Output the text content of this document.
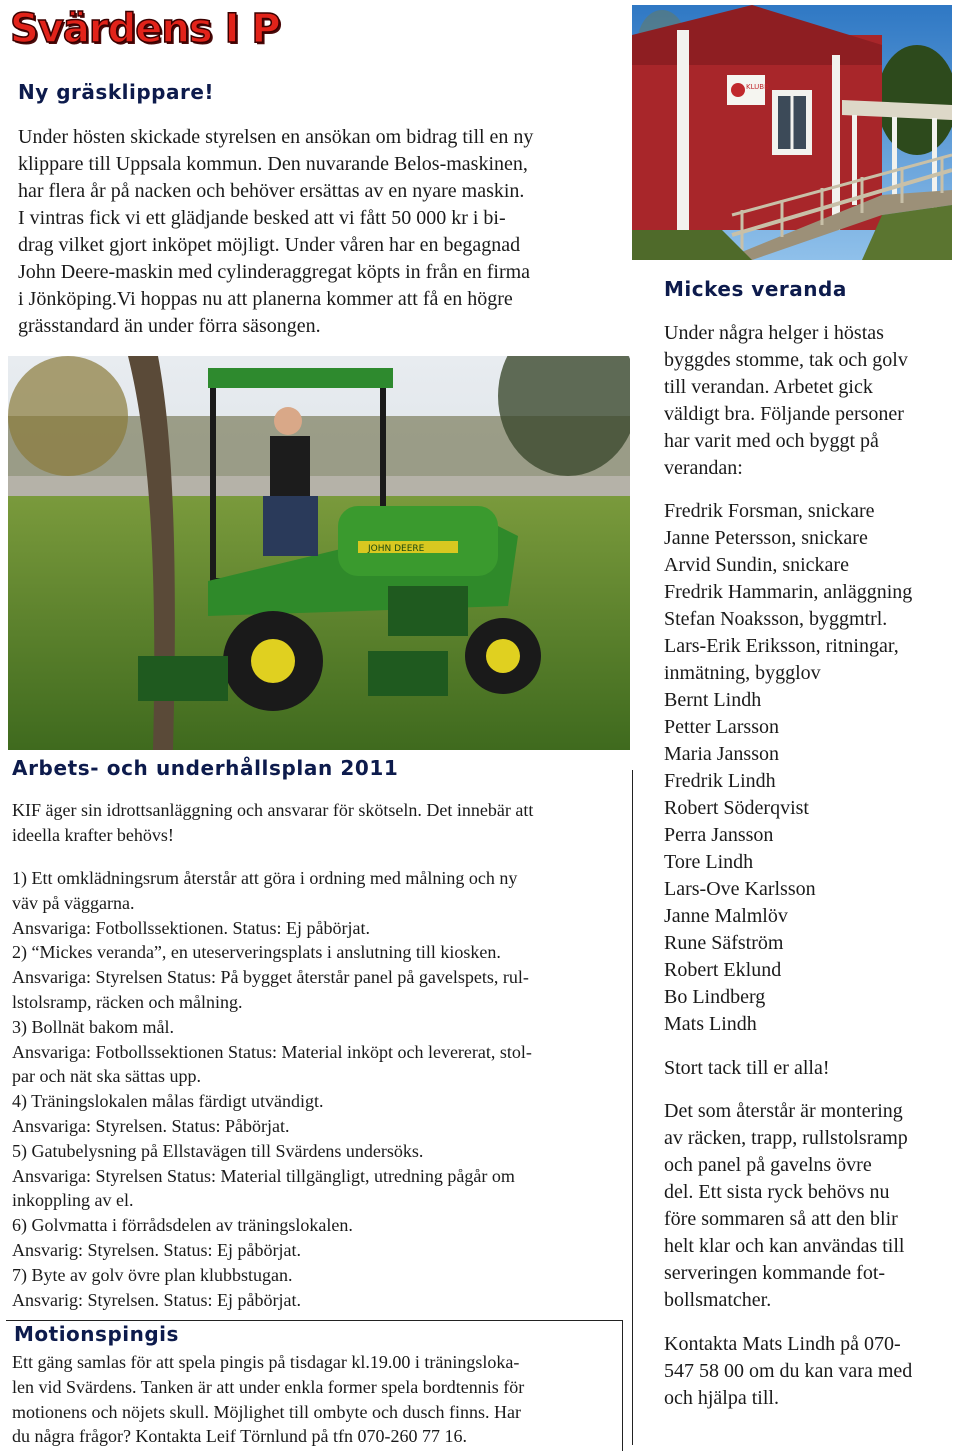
Svärdens I P
Ny gräsklippare!
Under hösten skickade styrelsen en ansökan om bidrag till en ny
klippare till Uppsala kommun. Den nuvarande Belos-maskinen,
har flera år på nacken och behöver ersättas av en nyare maskin.
I vintras fick vi ett glädjande besked att vi fått 50 000 kr i bi-
drag vilket gjort inköpet möjligt. Under våren har en begagnad
John Deere-maskin med cylinderaggregat köpts in från en firma
i Jönköping.Vi hoppas nu att planerna kommer att få en högre
grässtandard än under förra säsongen.
KLUBB
JOHN DEERE
Mickes veranda
Under några helger i höstas
byggdes stomme, tak och golv
till verandan. Arbetet gick
väldigt bra. Följande personer
har varit med och byggt på
verandan:
Fredrik Forsman, snickare
Janne Petersson, snickare
Arvid Sundin, snickare
Fredrik Hammarin, anläggning
Stefan Noaksson, byggmtrl.
Lars-Erik Eriksson, ritningar,
inmätning, bygglov
Bernt Lindh
Petter Larsson
Maria Jansson
Fredrik Lindh
Robert Söderqvist
Perra Jansson
Tore Lindh
Lars-Ove Karlsson
Janne Malmlöv
Rune Säfström
Robert Eklund
Bo Lindberg
Mats Lindh
Stort tack till er alla!
Det som återstår är montering
av räcken, trapp, rullstolsramp
och panel på gavelns övre
del. Ett sista ryck behövs nu
före sommaren så att den blir
helt klar och kan användas till
serveringen kommande fot-
bollsmatcher.
Kontakta Mats Lindh på 070-
547 58 00 om du kan vara med
och hjälpa till.
Arbets- och underhållsplan 2011
KIF äger sin idrottsanläggning och ansvarar för skötseln. Det innebär att
ideella krafter behövs!
1) Ett omklädningsrum återstår att göra i ordning med målning och ny
väv på väggarna.
Ansvariga: Fotbollssektionen. Status: Ej påbörjat.
2) “Mickes veranda”, en uteserveringsplats i anslutning till kiosken.
Ansvariga: Styrelsen Status: På bygget återstår panel på gavelspets, rul-
lstolsramp, räcken och målning.
3) Bollnät bakom mål.
Ansvariga: Fotbollssektionen Status: Material inköpt och levererat, stol-
par och nät ska sättas upp.
4) Träningslokalen målas färdigt utvändigt.
Ansvariga: Styrelsen. Status: Påbörjat.
5) Gatubelysning på Ellstavägen till Svärdens undersöks.
Ansvariga: Styrelsen Status: Material tillgängligt, utredning pågår om
inkoppling av el.
6) Golvmatta i förrådsdelen av träningslokalen.
Ansvarig: Styrelsen. Status: Ej påbörjat.
7) Byte av golv övre plan klubbstugan.
Ansvarig: Styrelsen. Status: Ej påbörjat.
Motionspingis
Ett gäng samlas för att spela pingis på tisdagar kl.19.00 i träningsloka-
len vid Svärdens. Tanken är att under enkla former spela bordtennis för
motionens och nöjets skull. Möjlighet till ombyte och dusch finns. Har
du några frågor? Kontakta Leif Törnlund på tfn 070-260 77 16.
